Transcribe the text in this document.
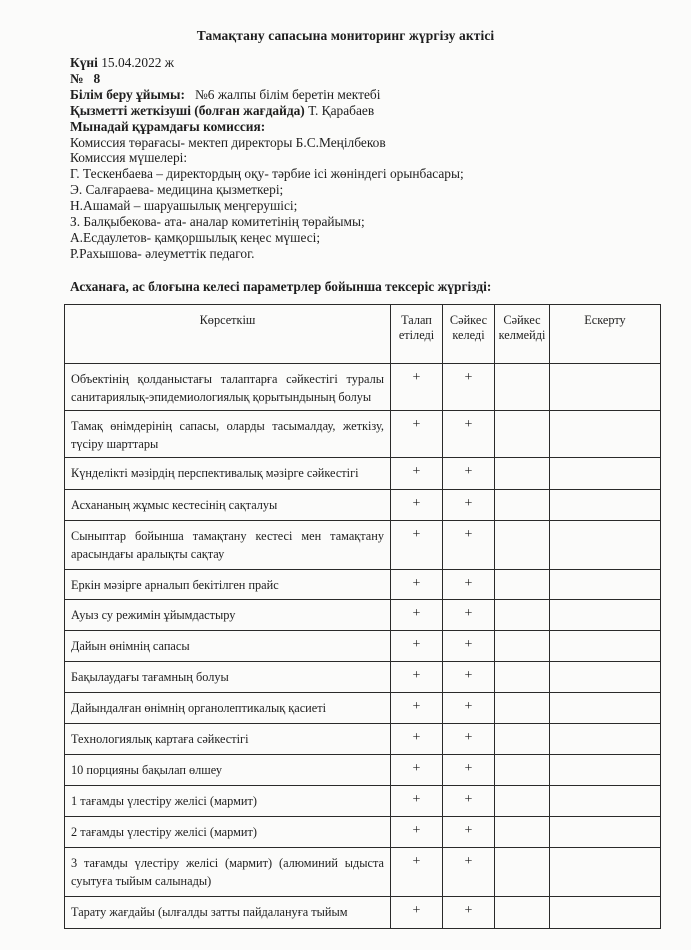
Тамақтану сапасына мониторинг жүргізу актісі
Күні 15.04.2022 ж
№ 8
Білім беру ұйымы: №6 жалпы білім беретін мектебі
Қызметті жеткізуші (болған жағдайда) Т. Қарабаев
Мынадай құрамдағы комиссия:
Комиссия төрағасы- мектеп директоры Б.С.Меңілбеков
Комиссия мүшелері:
Г. Тескенбаева – директордың оқу- тәрбие ісі жөніндегі орынбасары;
Э. Салғараева- медицина қызметкері;
Н.Ашамай – шаруашылық меңгерушісі;
З. Балқыбекова- ата- аналар комитетінің төрайымы;
А.Есдаулетов- қамқоршылық кеңес мүшесі;
Р.Рахышова- әлеуметтік педагог.
Асханаға, ас блоғына келесі параметрлер бойынша тексеріс жүргізді:
Көрсеткіш	Талап етіледі	Сәйкес келеді	Сәйкес келмейді	Ескерту
Объектінің қолданыстағы талаптарға сәйкестігі туралы санитариялық-эпидемиологиялық қорытындының болуы	+	+		
Тамақ өнімдерінің сапасы, оларды тасымалдау, жеткізу, түсіру шарттары	+	+		
Күнделікті мәзірдің перспективалық мәзірге сәйкестігі	+	+		
Асхананың жұмыс кестесінің сақталуы	+	+		
Сыныптар бойынша тамақтану кестесі мен тамақтану арасындағы аралықты сақтау	+	+		
Еркін мәзірге арналып бекітілген прайс	+	+		
Ауыз су режимін ұйымдастыру	+	+		
Дайын өнімнің сапасы	+	+		
Бақылаудағы тағамның болуы	+	+		
Дайындалған өнімнің органолептикалық қасиеті	+	+		
Технологиялық картаға сәйкестігі	+	+		
10 порцияны бақылап өлшеу	+	+		
1 тағамды үлестіру желісі (мармит)	+	+		
2 тағамды үлестіру желісі (мармит)	+	+		
3 тағамды үлестіру желісі (мармит) (алюминий ыдыста суытуға тыйым салынады)	+	+		
Тарату жағдайы (ылғалды затты пайдалануға тыйым	+	+		
